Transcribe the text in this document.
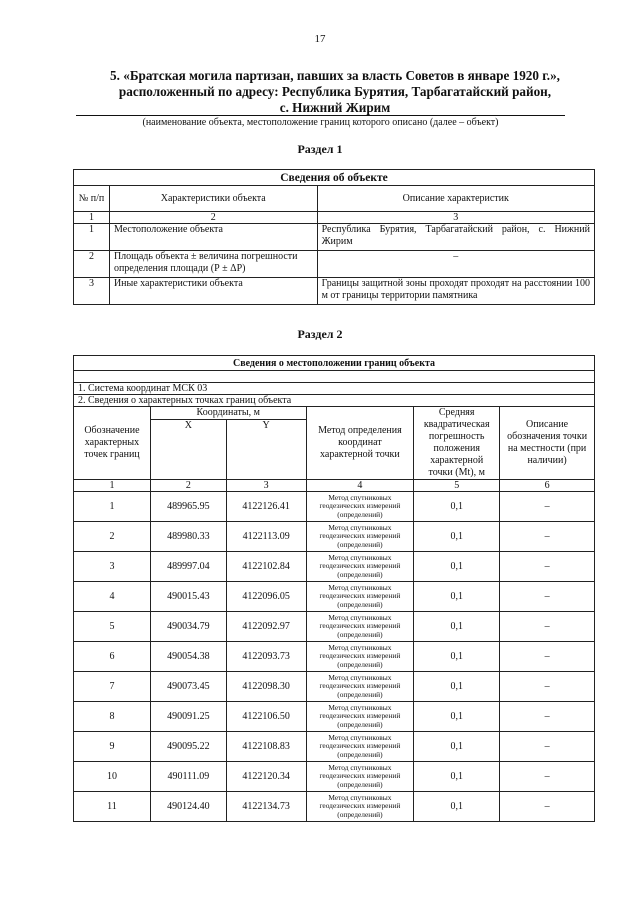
17
5. «Братская могила партизан, павших за власть Советов в январе 1920 г.»,
расположенный по адресу: Республика Бурятия, Тарбагатайский район,
с. Нижний Жирим
(наименование объекта, местоположение границ которого описано (далее – объект)
Раздел 1
Сведения об объекте		
№ п/п	Характеристики объекта	Описание характеристик
1	2	3
1	Местоположение объекта	Республика Бурятия, Тарбагатайский район, с. Нижний Жирим
2	Площадь объекта ± величина погрешности определения площади (Р ± ΔР)	–
3	Иные характеристики объекта	Границы защитной зоны проходят проходят на расстоянии 100 м от границы территории памятника
Раздел 2
Сведения о местоположении границ объекта					

1. Система координат МСК 03					
2. Сведения о характерных точках границ объекта					
Обозначение характерных точек границ	Координаты, м		Метод определения координат характерной точки	Средняя квадратическая погрешность положения характерной точки (Mt), м	Описание обозначения точки на местности (при наличии)
	X	Y			

1	2	3	4	5	6
1	489965.95	4122126.41	Метод спутниковых геодезических измерений (определений)	0,1	–
2	489980.33	4122113.09	Метод спутниковых геодезических измерений (определений)	0,1	–
3	489997.04	4122102.84	Метод спутниковых геодезических измерений (определений)	0,1	–
4	490015.43	4122096.05	Метод спутниковых геодезических измерений (определений)	0,1	–
5	490034.79	4122092.97	Метод спутниковых геодезических измерений (определений)	0,1	–
6	490054.38	4122093.73	Метод спутниковых геодезических измерений (определений)	0,1	–
7	490073.45	4122098.30	Метод спутниковых геодезических измерений (определений)	0,1	–
8	490091.25	4122106.50	Метод спутниковых геодезических измерений (определений)	0,1	–
9	490095.22	4122108.83	Метод спутниковых геодезических измерений (определений)	0,1	–
10	490111.09	4122120.34	Метод спутниковых геодезических измерений (определений)	0,1	–
11	490124.40	4122134.73	Метод спутниковых геодезических измерений (определений)	0,1	–
